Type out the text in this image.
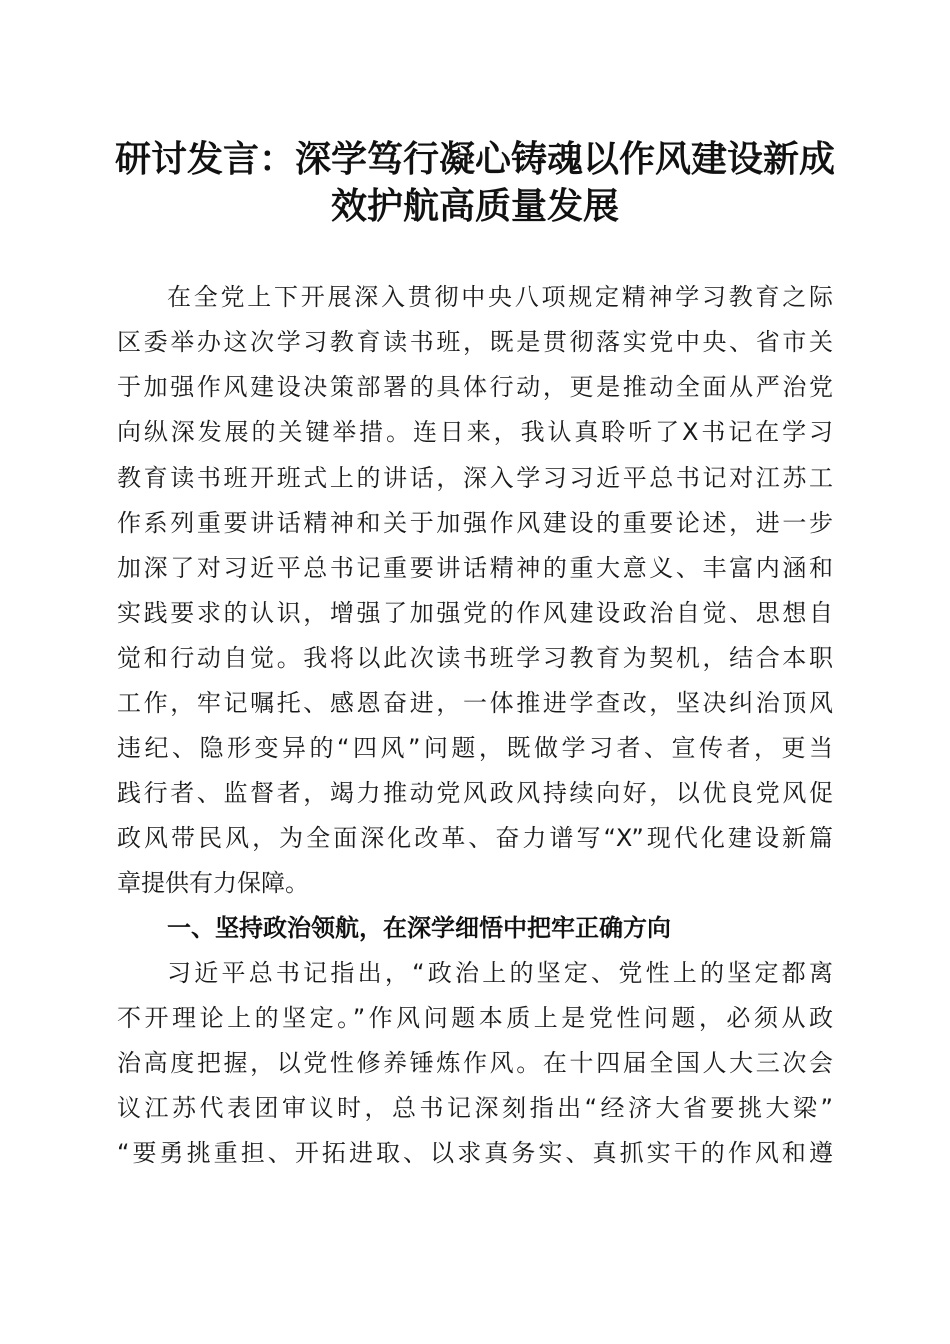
研讨发言：深学笃行凝心铸魂以作风建设新成
效护航高质量发展
在全党上下开展深入贯彻中央八项规定精神学习教育之际
区委举办这次学习教育读书班，既是贯彻落实党中央、省市关
于加强作风建设决策部署的具体行动，更是推动全面从严治党
向纵深发展的关键举措。连日来，我认真聆听了X书记在学习
教育读书班开班式上的讲话，深入学习习近平总书记对江苏工
作系列重要讲话精神和关于加强作风建设的重要论述，进一步
加深了对习近平总书记重要讲话精神的重大意义、丰富内涵和
实践要求的认识，增强了加强党的作风建设政治自觉、思想自
觉和行动自觉。我将以此次读书班学习教育为契机，结合本职
工作，牢记嘱托、感恩奋进，一体推进学查改，坚决纠治顶风
违纪、隐形变异的“四风”问题，既做学习者、宣传者，更当
践行者、监督者，竭力推动党风政风持续向好，以优良党风促
政风带民风，为全面深化改革、奋力谱写“X”现代化建设新篇
章提供有力保障。
一、坚持政治领航，在深学细悟中把牢正确方向
习近平总书记指出，“政治上的坚定、党性上的坚定都离
不开理论上的坚定。”作风问题本质上是党性问题，必须从政
治高度把握，以党性修养锤炼作风。在十四届全国人大三次会
议江苏代表团审议时，总书记深刻指出“经济大省要挑大梁”
“要勇挑重担、开拓进取、以求真务实、真抓实干的作风和遵
